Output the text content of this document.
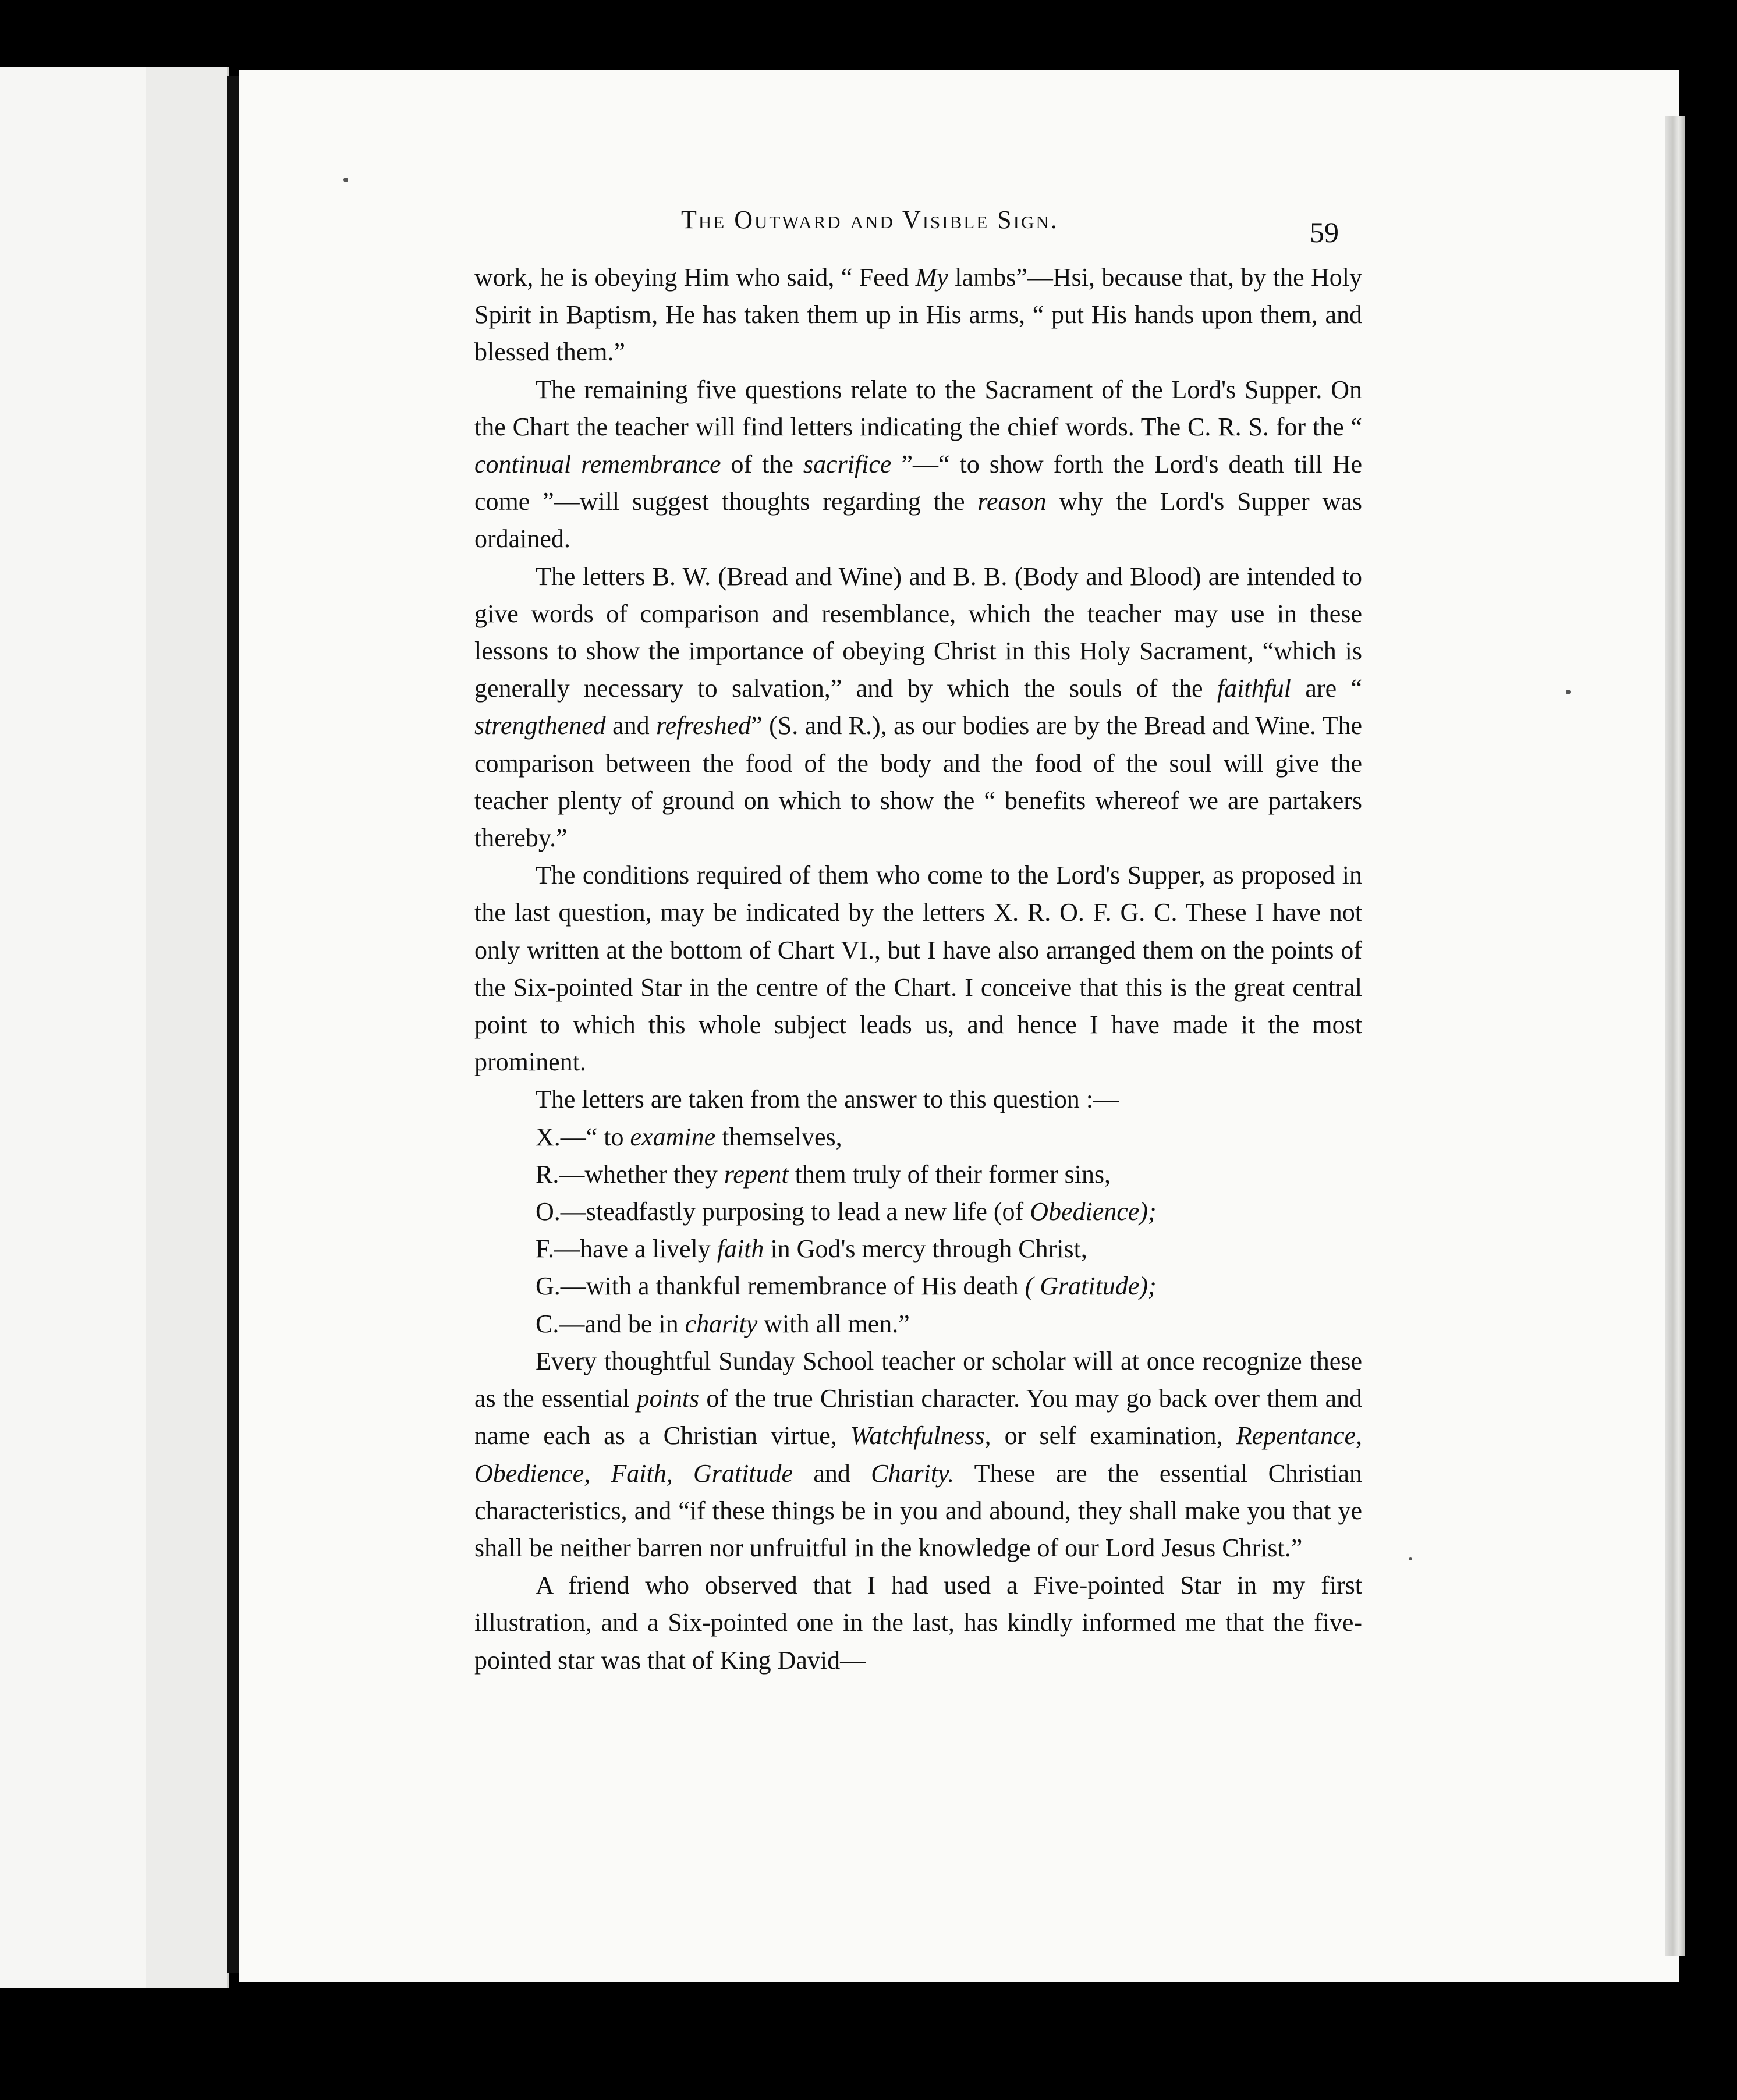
The Outward and Visible Sign.	59

work, he is obeying Him who said, “ Feed My lambs”—Hsi, because that, by the Holy Spirit in Baptism, He has taken them up in His arms, “ put His hands upon them, and blessed them.”

The remaining five questions relate to the Sacrament of the Lord's Supper. On the Chart the teacher will find letters indicating the chief words. The C. R. S. for the “ continual remembrance of the sacrifice ”—“ to show forth the Lord's death till He come ”—will suggest thoughts regarding the reason why the Lord's Supper was ordained.

The letters B. W. (Bread and Wine) and B. B. (Body and Blood) are intended to give words of comparison and resemblance, which the teacher may use in these lessons to show the importance of obeying Christ in this Holy Sacrament, “which is generally necessary to salvation,” and by which the souls of the faithful are “ strengthened and refreshed” (S. and R.), as our bodies are by the Bread and Wine. The comparison between the food of the body and the food of the soul will give the teacher plenty of ground on which to show the “ benefits whereof we are partakers thereby.”

The conditions required of them who come to the Lord's Supper, as proposed in the last question, may be indicated by the letters X. R. O. F. G. C. These I have not only written at the bottom of Chart VI., but I have also arranged them on the points of the Six-pointed Star in the centre of the Chart. I conceive that this is the great central point to which this whole subject leads us, and hence I have made it the most prominent.

The letters are taken from the answer to this question :—

X.—“ to examine themselves,
R.—whether they repent them truly of their former sins,
O.—steadfastly purposing to lead a new life (of Obedience);
F.—have a lively faith in God's mercy through Christ,
G.—with a thankful remembrance of His death ( Gratitude);
C.—and be in charity with all men.”

Every thoughtful Sunday School teacher or scholar will at once recognize these as the essential points of the true Christian character. You may go back over them and name each as a Christian virtue, Watchfulness, or self examination, Repentance, Obedience, Faith, Gratitude and Charity. These are the essential Christian characteristics, and “if these things be in you and abound, they shall make you that ye shall be neither barren nor unfruitful in the knowledge of our Lord Jesus Christ.”

A friend who observed that I had used a Five-pointed Star in my first illustration, and a Six-pointed one in the last, has kindly informed me that the five-pointed star was that of King David—
